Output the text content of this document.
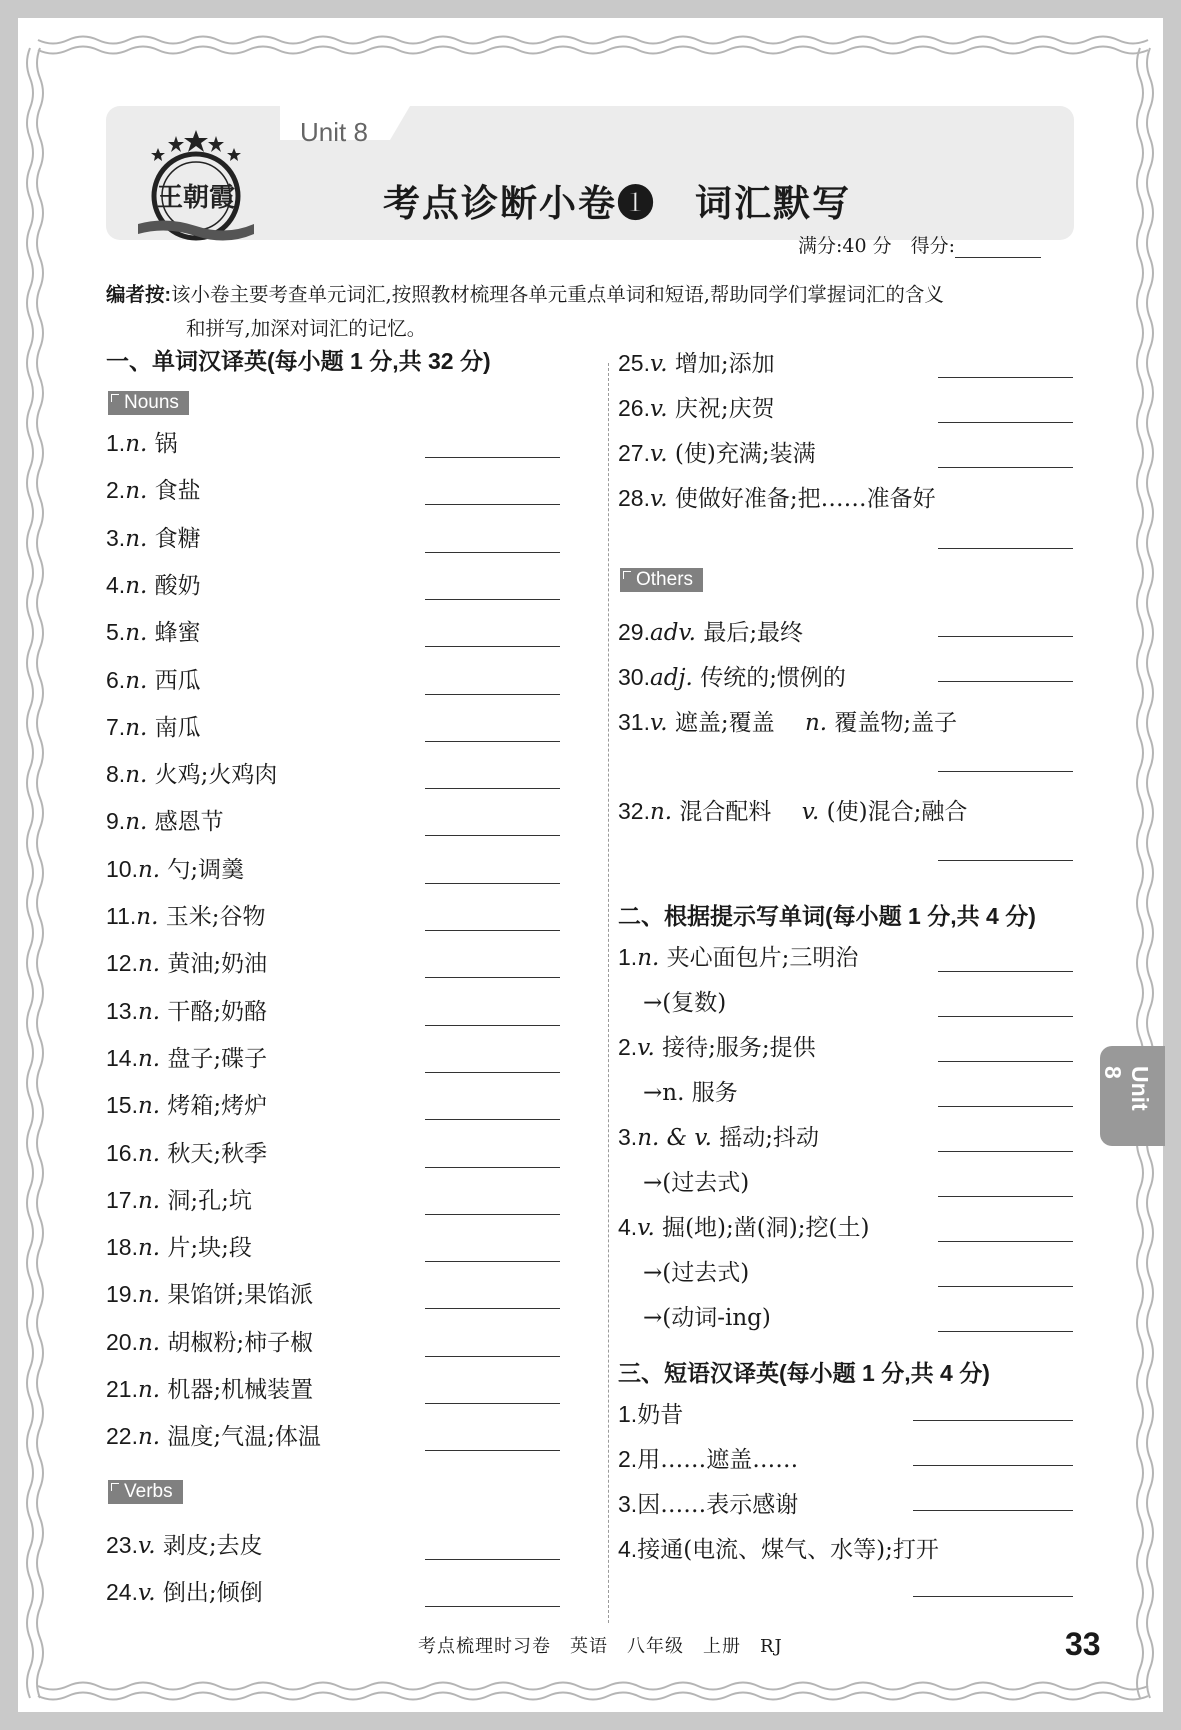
Unit 8
王朝霞	考点诊断小卷❶　词汇默写
满分:40 分　得分:
编者按:该小卷主要考查单元词汇,按照教材梳理各单元重点单词和短语,帮助同学们掌握词汇的含义
和拼写,加深对词汇的记忆。
一、单词汉译英(每小题 1 分,共 32 分)
Nouns
1.n. 锅
2.n. 食盐
3.n. 食糖
4.n. 酸奶
5.n. 蜂蜜
6.n. 西瓜
7.n. 南瓜
8.n. 火鸡;火鸡肉
9.n. 感恩节
10.n. 勺;调羹
11.n. 玉米;谷物
12.n. 黄油;奶油
13.n. 干酪;奶酪
14.n. 盘子;碟子
15.n. 烤箱;烤炉
16.n. 秋天;秋季
17.n. 洞;孔;坑
18.n. 片;块;段
19.n. 果馅饼;果馅派
20.n. 胡椒粉;柿子椒
21.n. 机器;机械装置
22.n. 温度;气温;体温
Verbs
23.v. 剥皮;去皮
24.v. 倒出;倾倒
25.v. 增加;添加
26.v. 庆祝;庆贺
27.v. (使)充满;装满
28.v. 使做好准备;把……准备好
Others
29.adv. 最后;最终
30.adj. 传统的;惯例的
31.v. 遮盖;覆盖　 n. 覆盖物;盖子
32.n. 混合配料　 v. (使)混合;融合
二、根据提示写单词(每小题 1 分,共 4 分)
1.n. 夹心面包片;三明治
→(复数)
2.v. 接待;服务;提供
→n. 服务
3.n. & v. 摇动;抖动
→(过去式)
4.v. 掘(地);凿(洞);挖(土)
→(过去式)
→(动词-ing)
三、短语汉译英(每小题 1 分,共 4 分)
1.奶昔
2.用……遮盖……
3.因……表示感谢
4.接通(电流、煤气、水等);打开
考点梳理时习卷　英语　八年级　上册　RJ	33
Unit 8
